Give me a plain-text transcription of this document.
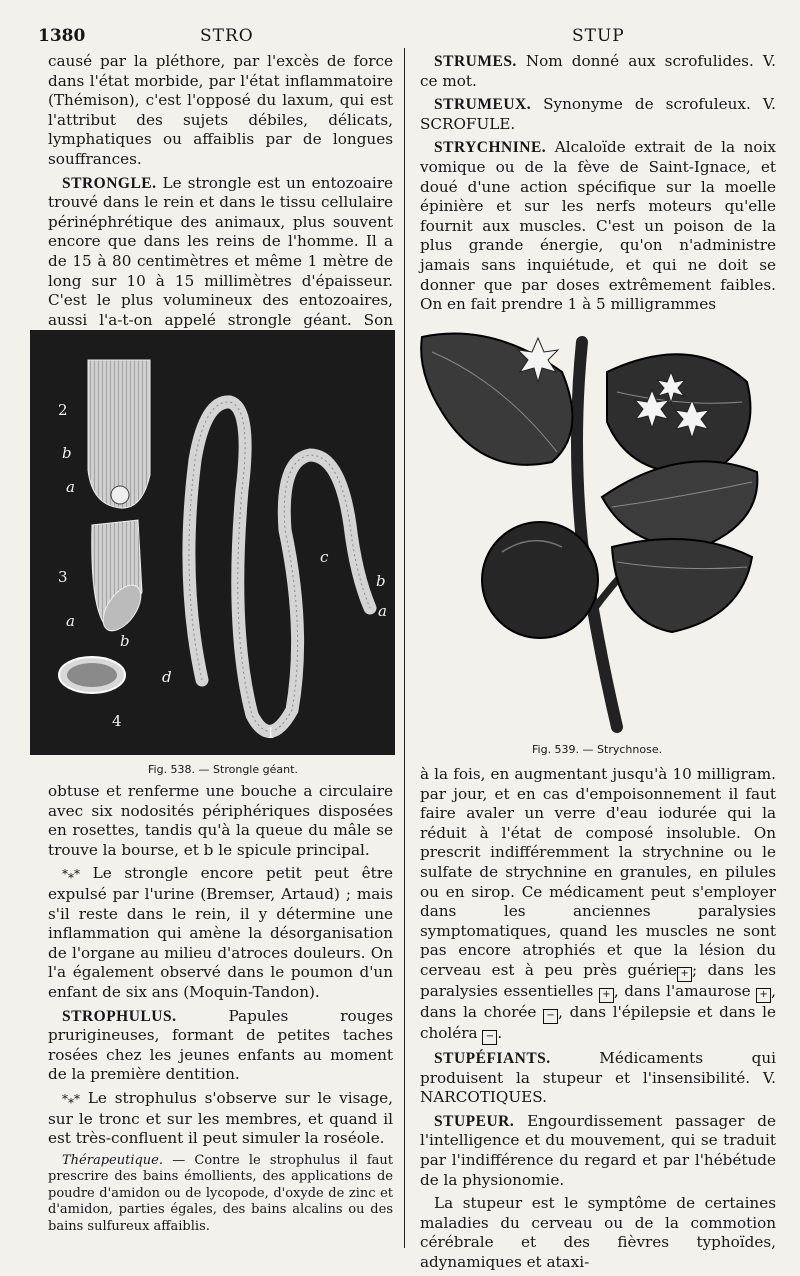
1380	STRO	STUP

causé par la pléthore, par l'excès de force dans l'état morbide, par l'état inflammatoire (Thémison), c'est l'opposé du laxum, qui est l'attribut des sujets débiles, délicats, lymphatiques ou affaiblis par de longues souffrances.

STRONGLE. Le strongle est un entozoaire trouvé dans le rein et dans le tissu cellulaire périnéphrétique des animaux, plus souvent encore que dans les reins de l'homme. Il a de 15 à 80 centimètres et même 1 mètre de long sur 10 à 15 millimètres d'épaisseur. C'est le plus volumineux des entozoaires, aussi l'a-t-on appelé strongle géant. Son

2
b
a
3
a
b
4
d
c
b
a
1
Fig. 538. — Strongle géant.

obtuse et renferme une bouche a circulaire avec six nodosités périphériques disposées en rosettes, tandis qu'à la queue du mâle se trouve la bourse, et b le spicule principal.

*⁎* Le strongle encore petit peut être expulsé par l'urine (Bremser, Artaud) ; mais s'il reste dans le rein, il y détermine une inflammation qui amène la désorganisation de l'organe au milieu d'atroces douleurs. On l'a également observé dans le poumon d'un enfant de six ans (Moquin-Tandon).

STROPHULUS.	Papules rouges prurigineuses, formant de petites taches rosées chez les jeunes enfants au moment de la première dentition.

*⁎* Le strophulus s'observe sur le visage, sur le tronc et sur les membres, et quand il est très-confluent il peut simuler la roséole.

Thérapeutique. — Contre le strophulus il faut prescrire des bains émollients, des applications de poudre d'amidon ou de lycopode, d'oxyde de zinc et d'amidon, parties égales, des bains alcalins ou des bains sulfureux affaiblis.

STRUMES. Nom donné aux scrofulides. V. ce mot.

STRUMEUX. Synonyme de scrofuleux. V. SCROFULE.

STRYCHNINE. Alcaloïde extrait de la noix vomique ou de la fève de Saint-Ignace, et doué d'une action spécifique sur la moelle épinière et sur les nerfs moteurs qu'elle fournit aux muscles. C'est un poison de la plus grande énergie, qu'on n'administre jamais sans inquiétude, et qui ne doit se donner que par doses extrêmement faibles. On en fait prendre 1 à 5 milligrammes

Fig. 539. — Strychnose.

à la fois, en augmentant jusqu'à 10 milligram. par jour, et en cas d'empoisonnement il faut faire avaler un verre d'eau iodurée qui la réduit à l'état de composé insoluble. On prescrit indifféremment la strychnine ou le sulfate de strychnine en granules, en pilules ou en sirop. Ce médicament peut s'employer dans les anciennes paralysies symptomatiques, quand les muscles ne sont pas encore atrophiés et que la lésion du cerveau est à peu près guérie + ; dans les paralysies essentielles + , dans l'amaurose + , dans la chorée − , dans l'épilepsie et dans le choléra − .

STUPÉFIANTS.	Médicaments qui produisent la stupeur et l'insensibilité. V. NARCOTIQUES.

STUPEUR. Engourdissement passager de l'intelligence et du mouvement, qui se traduit par l'indifférence du regard et par l'hébétude de la physionomie.

La stupeur est le symptôme de certaines maladies du cerveau ou de la commotion cérébrale et des fièvres typhoïdes, adynamiques et ataxi-
